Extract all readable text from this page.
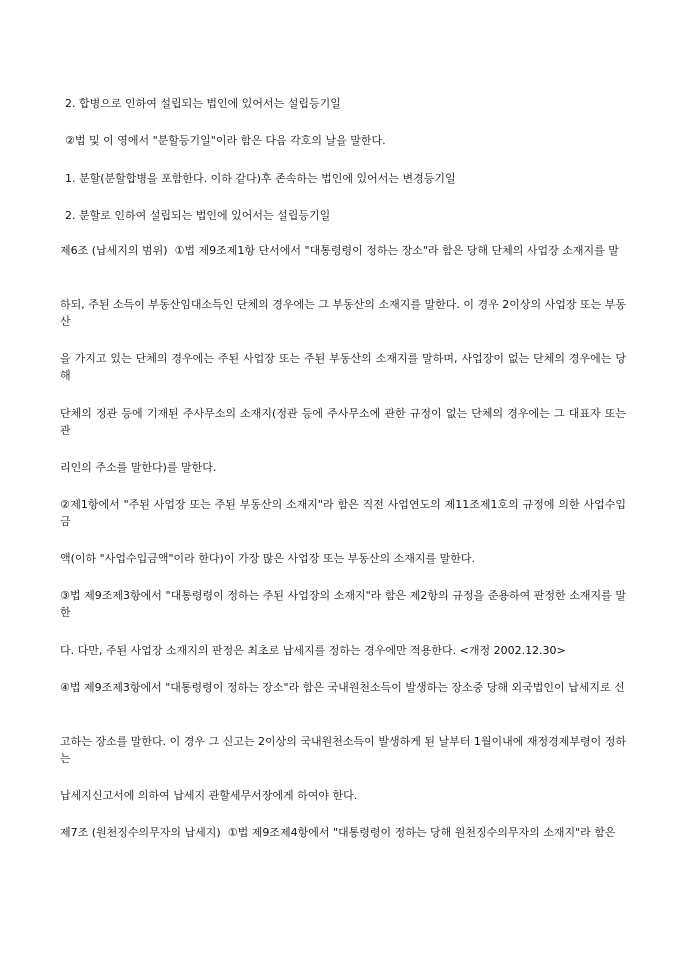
2. 합병으로 인하여 설립되는 법인에 있어서는 설립등기일

②법 및 이 영에서 "분할등기일"이라 함은 다음 각호의 날을 말한다.

1. 분할(분할합병을 포함한다. 이하 같다)후 존속하는 법인에 있어서는 변경등기일

2. 분할로 인하여 설립되는 법인에 있어서는 설립등기일

제6조 (납세지의 범위)  ①법 제9조제1항 단서에서 "대통령령이 정하는 장소"라 함은 당해 단체의 사업장 소재지를 말

하되, 주된 소득이 부동산임대소득인 단체의 경우에는 그 부동산의 소재지를 말한다. 이 경우 2이상의 사업장 또는 부동산

을 가지고 있는 단체의 경우에는 주된 사업장 또는 주된 부동산의 소재지를 말하며, 사업장이 없는 단체의 경우에는 당해

단체의 정관 등에 기재된 주사무소의 소재지(정관 등에 주사무소에 관한 규정이 없는 단체의 경우에는 그 대표자 또는 관

리인의 주소를 말한다)를 말한다.

②제1항에서 "주된 사업장 또는 주된 부동산의 소재지"라 함은 직전 사업연도의 제11조제1호의 규정에 의한 사업수입금

액(이하 "사업수입금액"이라 한다)이 가장 많은 사업장 또는 부동산의 소재지를 말한다.

③법 제9조제3항에서 "대통령령이 정하는 주된 사업장의 소재지"라 함은 제2항의 규정을 준용하여 판정한 소재지를 말한

다. 다만, 주된 사업장 소재지의 판정은 최초로 납세지를 정하는 경우에만 적용한다. <개정 2002.12.30>

④법 제9조제3항에서 "대통령령이 정하는 장소"라 함은 국내원천소득이 발생하는 장소중 당해 외국법인이 납세지로 신

고하는 장소를 말한다. 이 경우 그 신고는 2이상의 국내원천소득이 발생하게 된 날부터 1월이내에 재정경제부령이 정하는

납세지신고서에 의하여 납세지 관할세무서장에게 하여야 한다.

제7조 (원천징수의무자의 납세지)  ①법 제9조제4항에서 "대통령령이 정하는 당해 원천징수의무자의 소재지"라 함은
